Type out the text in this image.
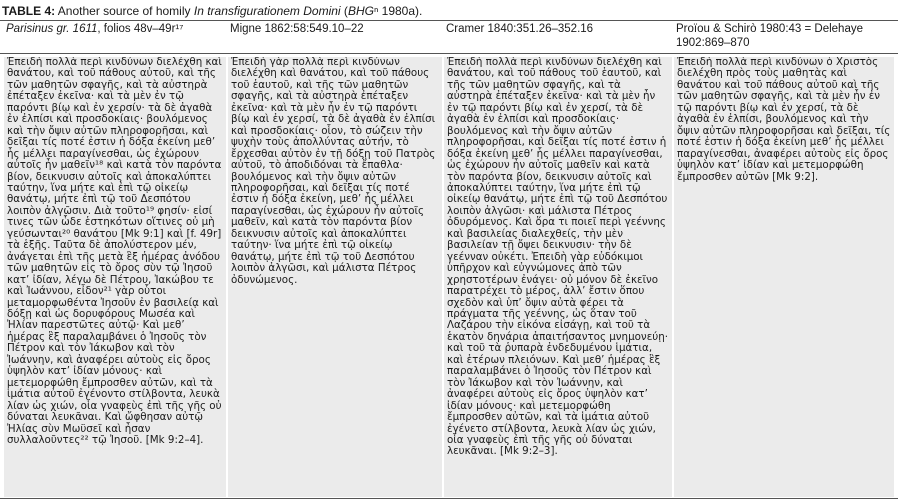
TABLE 4: Another source of homily In transfigurationem Domini (BHGⁿ 1980a).
Parisinus gr. 1611, folios 48v–49r¹⁷	Migne 1862:58:549.10–22	Cramer 1840:351.26–352.16	Proïou & Schirò 1980:43 = Delehaye 1902:869–870

Ἐπειδὴ πολλὰ περὶ κινδύνων διελέχθη καὶ θανάτου, καὶ τοῦ πάθους αὐτοῦ, καὶ τῆς τῶν μαθητῶν σφαγῆς, καὶ τὰ αὐστηρὰ ἐπέταξεν ἐκεῖνα· καὶ τὰ μὲν ἐν τῷ παρόντι βίῳ καὶ ἐν χερσίν· τὰ δὲ ἀγαθὰ ἐν ἐλπίσι καὶ προσδοκίαις· βουλόμενος καὶ τὴν ὄψιν αὐτῶν πληροφορῆσαι, καὶ δεῖξαι τίς ποτέ ἐστιν ἡ δόξα ἐκείνη μεθ’ ἧς μέλλει παραγίνεσθαι, ὡς ἐχώρουν αὐτοῖς ἦν μαθεῖν¹⁸ καὶ κατὰ τὸν παρόντα βίον, δεικνυσιν αὐτοῖς καὶ ἀποκαλύπτει ταύτην, ἵνα μήτε καὶ ἐπὶ τῷ οἰκείῳ θανάτῳ, μήτε ἐπὶ τῷ τοῦ Δεσπότου λοιπὸν ἀλγῶσιν. Διὰ τοῦτο¹⁹ φησίν· εἰσί τινες τῶν ὧδε ἑστηκότων οἵτινες οὐ μὴ γεύσωνται²⁰ θανάτου [Mk 9:1] καὶ [f. 49r] τὰ ἑξῆς. Ταῦτα δὲ ἀπολύστερον μέν, ἀνάγεται ἐπὶ τῆς μετὰ ἓξ ἡμέρας ἀνόδου τῶν μαθητῶν εἰς τὸ ὄρος σὺν τῷ Ἰησοῦ κατ’ ἰδίαν, λέγω δὲ Πέτρου, Ἰακώβου τε καὶ Ἰωάννου, εἶδον²¹ γὰρ οὗτοι μεταμορφωθέντα Ἰησοῦν ἐν βασιλείᾳ καὶ δόξῃ καὶ ὡς δορυφόρους Μωσέα καὶ Ἠλίαν παρεστῶτες αὐτῷ· Καὶ μεθ’ ἡμέρας ἓξ παραλαμβάνει ὁ Ἰησοῦς τὸν Πέτρον καὶ τὸν Ἰάκωβον καὶ τὸν Ἰωάννην, καὶ ἀναφέρει αὐτοὺς εἰς ὄρος ὑψηλὸν κατ’ ἰδίαν μόνους· καὶ μετεμορφώθη ἔμπροσθεν αὐτῶν, καὶ τὰ ἱμάτια αὐτοῦ ἐγένοντο στίλβοντα, λευκὰ λίαν ὡς χιών, οἷα γναφεὺς ἐπὶ τῆς γῆς οὐ δύναται λευκᾶναι. Καὶ ὤφθησαν αὐτῷ Ἠλίας σὺν Μωϋσεῖ καὶ ἦσαν συλλαλοῦντες²² τῷ Ἰησοῦ. [Mk 9:2–4].

Ἐπειδὴ γὰρ πολλὰ περὶ κινδύνων διελέχθη καὶ θανάτου, καὶ τοῦ πάθους τοῦ ἑαυτοῦ, καὶ τῆς τῶν μαθητῶν σφαγῆς, καὶ τὰ αὐστηρὰ ἐπέταξεν ἐκεῖνα· καὶ τὰ μὲν ἦν ἐν τῷ παρόντι βίῳ καὶ ἐν χερσί, τὰ δὲ ἀγαθὰ ἐν ἐλπίσι καὶ προσδοκίαις· οἷον, τὸ σώζειν τὴν ψυχὴν τοὺς ἀπολλύντας αὐτήν, τὸ ἔρχεσθαι αὐτὸν ἐν τῇ δόξῃ τοῦ Πατρὸς αὐτοῦ, τὸ ἀποδιδόναι τὰ ἔπαθλα· βουλόμενος καὶ τὴν ὄψιν αὐτῶν πληροφορῆσαι, καὶ δεῖξαι τίς ποτέ ἐστιν ἡ δόξα ἐκείνη, μεθ’ ἧς μέλλει παραγίνεσθαι, ὡς ἐχώρουν ἦν αὐτοῖς μαθεῖν, καὶ κατὰ τὸν παρόντα βίον δεικνυσιν αὐτοῖς καὶ ἀποκαλύπτει ταύτην· ἵνα μήτε ἐπὶ τῷ οἰκείῳ θανάτῳ, μήτε ἐπὶ τῷ τοῦ Δεσπότου λοιπὸν ἀλγῶσι, καὶ μάλιστα Πέτρος ὀδυνώμενος.

Ἐπειδὴ πολλὰ περὶ κινδύνων διελέχθη καὶ θανάτου, καὶ τοῦ πάθους τοῦ ἑαυτοῦ, καὶ τῆς τῶν μαθητῶν σφαγῆς, καὶ τὰ αὐστηρὰ ἐπέταξεν ἐκεῖνα· καὶ τὰ μὲν ἦν ἐν τῷ παρόντι βίῳ καὶ ἐν χερσί, τὰ δὲ ἀγαθὰ ἐν ἐλπίσι καὶ προσδοκίαις· βουλόμενος καὶ τὴν ὄψιν αὐτῶν πληροφορῆσαι, καὶ δεῖξαι τίς ποτέ ἐστιν ἡ δόξα ἐκείνη μεθ’ ἧς μέλλει παραγίνεσθαι, ὡς ἐχώρουν ἦν αὐτοῖς μαθεῖν καὶ κατὰ τὸν παρόντα βίον, δεικνυσιν αὐτοῖς καὶ ἀποκαλύπτει ταύτην, ἵνα μήτε ἐπὶ τῷ οἰκείῳ θανάτῳ, μήτε ἐπὶ τῷ τοῦ Δεσπότου λοιπὸν ἀλγῶσι· καὶ μάλιστα Πέτρος ὀδυρόμενος. Καὶ ὅρα τι ποιεῖ περὶ γεέννης καὶ βασιλείας διαλεχθείς, τὴν μὲν βασιλείαν τῇ ὄψει δεικνυσιν· τὴν δὲ γεένναν οὐκέτι. Ἐπειδὴ γὰρ εὐδόκιμοι ὑπῆρχον καὶ εὐγνώμονες ἀπὸ τῶν χρηστοτέρων ἐνάγει· οὐ μόνον δὲ ἐκεῖνο παρατρέχει τὸ μέρος, ἀλλ’ ἔστιν ὅπου σχεδὸν καὶ ὑπ’ ὄψιν αὐτὰ φέρει τὰ πράγματα τῆς γεέννης, ὡς ὅταν τοῦ Λαζάρου τὴν εἰκόνα εἰσάγῃ, καὶ τοῦ τὰ ἑκατὸν δηνάρια ἀπαιτήσαντος μνημονεύῃ· καὶ τοῦ τὰ ῥυπαρὰ ἐνδεδυμένου ἱμάτια, καὶ ἑτέρων πλειόνων. Καὶ μεθ’ ἡμέρας ἓξ παραλαμβάνει ὁ Ἰησοῦς τὸν Πέτρον καὶ τὸν Ἰάκωβον καὶ τὸν Ἰωάννην, καὶ ἀναφέρει αὐτοὺς εἰς ὄρος ὑψηλὸν κατ’ ἰδίαν μόνους· καὶ μετεμορφώθη ἔμπροσθεν αὐτῶν, καὶ τὰ ἱμάτια αὐτοῦ ἐγένετο στίλβοντα, λευκὰ λίαν ὡς χιών, οἷα γναφεὺς ἐπὶ τῆς γῆς οὐ δύναται λευκᾶναι. [Mk 9:2–3].

Ἐπειδὴ πολλὰ περὶ κινδύνων ὁ Χριστὸς διελέχθη πρὸς τοὺς μαθητὰς καὶ θανάτου καὶ τοῦ πάθους αὐτοῦ καὶ τῆς τῶν μαθητῶν σφαγῆς, καὶ τὰ μὲν ἦν ἐν τῷ παρόντι βίῳ καὶ ἐν χερσί, τὰ δὲ ἀγαθὰ ἐν ἐλπίσι, βουλόμενος καὶ τὴν ὄψιν αὐτῶν πληροφορῆσαι καὶ δεῖξαι, τίς ποτέ ἐστιν ἡ δόξα ἐκείνη μεθ’ ἧς μέλλει παραγίνεσθαι, ἀναφέρει αὐτοὺς εἰς ὄρος ὑψηλὸν κατ’ ἰδίαν καὶ μετεμορφώθη ἔμπροσθεν αὐτῶν [Mk 9:2].
